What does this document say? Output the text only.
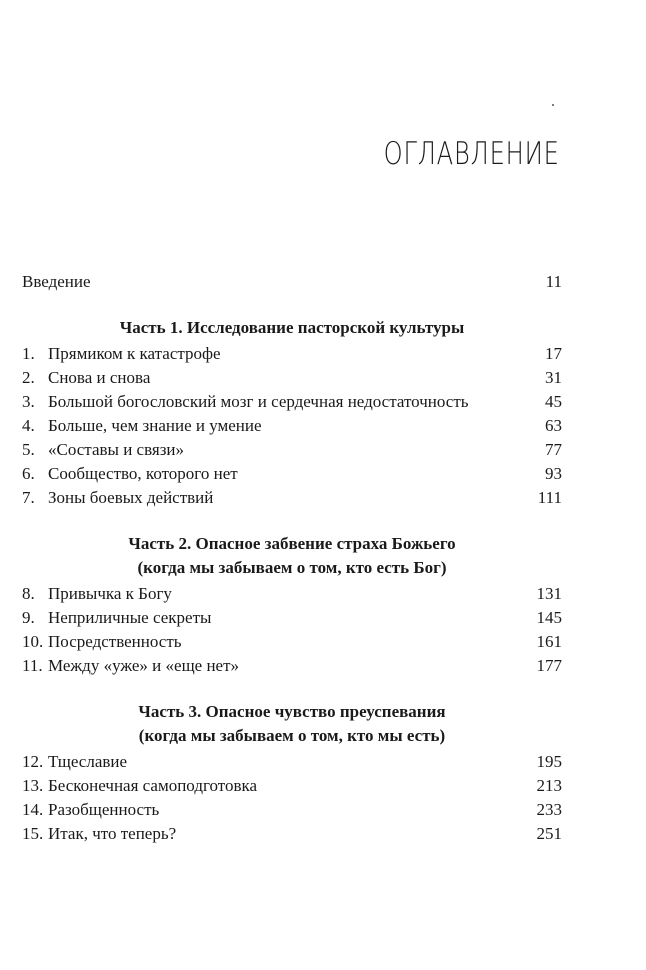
ОГЛАВЛЕНИЕ
Введение	11
Часть 1. Исследование пасторской культуры
1. Прямиком к катастрофе	17
2. Снова и снова	31
3. Большой богословский мозг и сердечная недостаточность	45
4. Больше, чем знание и умение	63
5. «Составы и связи»	77
6. Сообщество, которого нет	93
7. Зоны боевых действий	111
Часть 2. Опасное забвение страха Божьего
(когда мы забываем о том, кто есть Бог)
8. Привычка к Богу	131
9. Неприличные секреты	145
10. Посредственность	161
11. Между «уже» и «еще нет»	177
Часть 3. Опасное чувство преуспевания
(когда мы забываем о том, кто мы есть)
12. Тщеславие	195
13. Бесконечная самоподготовка	213
14. Разобщенность	233
15. Итак, что теперь?	251
